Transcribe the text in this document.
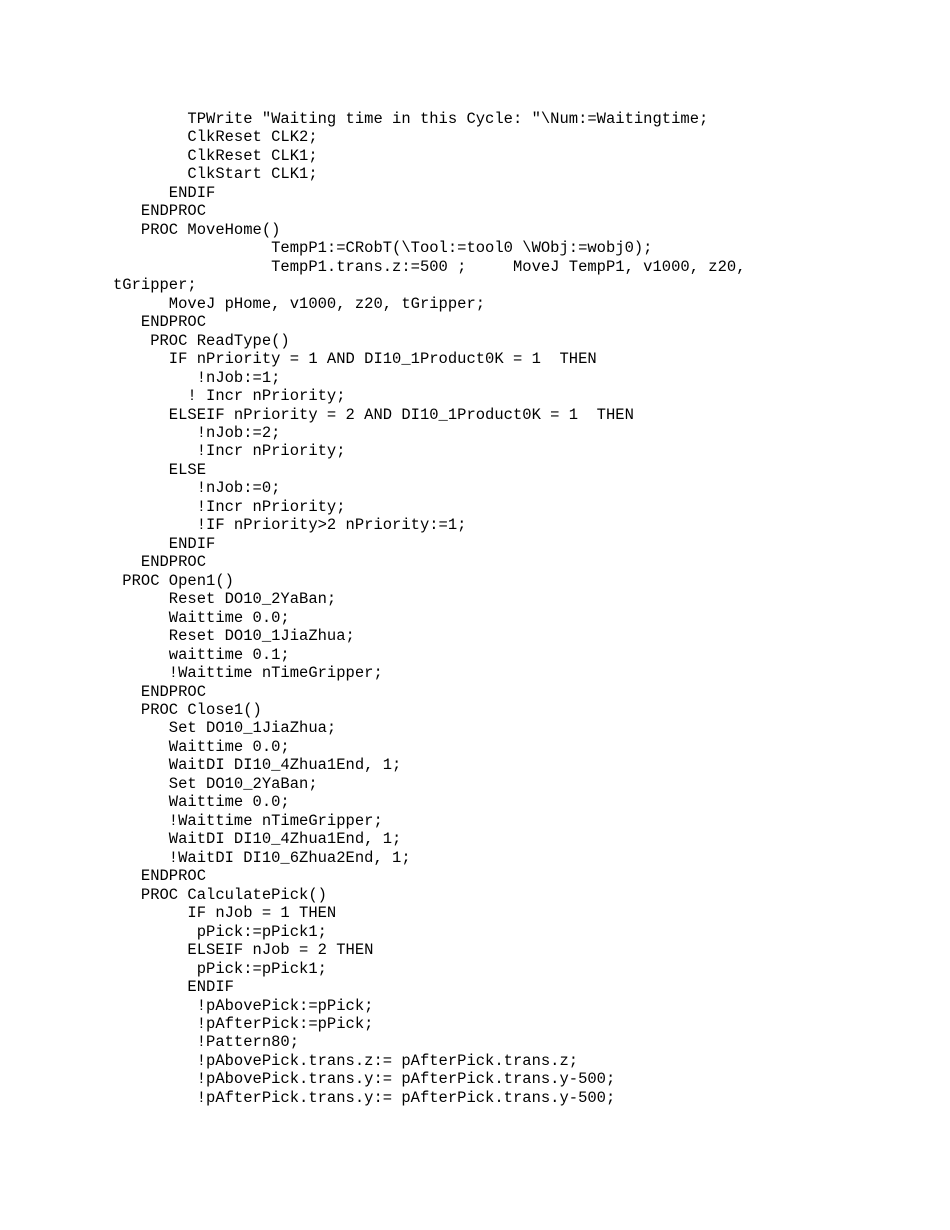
TPWrite "Waiting time in this Cycle: "\Num:=Waitingtime;
ClkReset CLK2;
ClkReset CLK1;
ClkStart CLK1;
ENDIF
ENDPROC
PROC MoveHome()
TempP1:=CRobT(\Tool:=tool0 \WObj:=wobj0);
TempP1.trans.z:=500 ;     MoveJ TempP1, v1000, z20,
tGripper;
MoveJ pHome, v1000, z20, tGripper;
ENDPROC
PROC ReadType()
IF nPriority = 1 AND DI10_1Product0K = 1  THEN
!nJob:=1;
! Incr nPriority;
ELSEIF nPriority = 2 AND DI10_1Product0K = 1  THEN
!nJob:=2;
!Incr nPriority;
ELSE
!nJob:=0;
!Incr nPriority;
!IF nPriority>2 nPriority:=1;
ENDIF
ENDPROC
PROC Open1()
Reset DO10_2YaBan;
Waittime 0.0;
Reset DO10_1JiaZhua;
waittime 0.1;
!Waittime nTimeGripper;
ENDPROC
PROC Close1()
Set DO10_1JiaZhua;
Waittime 0.0;
WaitDI DI10_4Zhua1End, 1;
Set DO10_2YaBan;
Waittime 0.0;
!Waittime nTimeGripper;
WaitDI DI10_4Zhua1End, 1;
!WaitDI DI10_6Zhua2End, 1;
ENDPROC
PROC CalculatePick()
IF nJob = 1 THEN
pPick:=pPick1;
ELSEIF nJob = 2 THEN
pPick:=pPick1;
ENDIF
!pAbovePick:=pPick;
!pAfterPick:=pPick;
!Pattern80;
!pAbovePick.trans.z:= pAfterPick.trans.z;
!pAbovePick.trans.y:= pAfterPick.trans.y-500;
!pAfterPick.trans.y:= pAfterPick.trans.y-500;
